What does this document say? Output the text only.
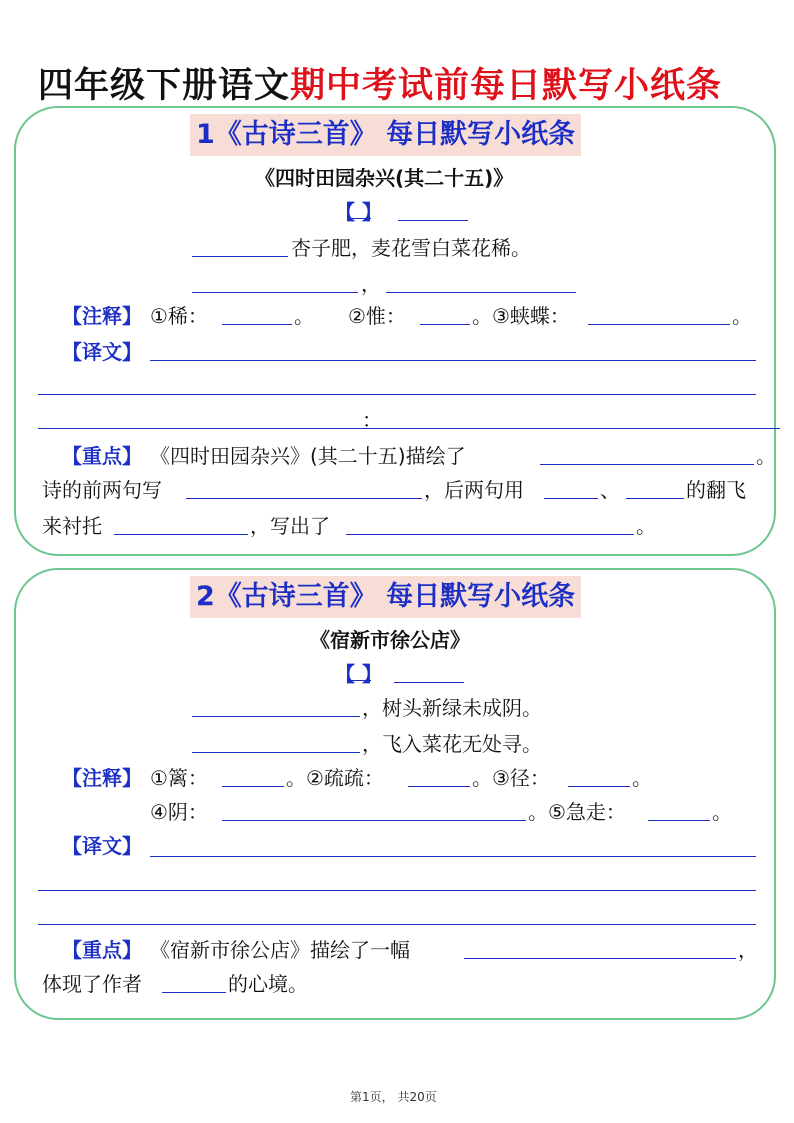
四年级下册语文期中考试前每日默写小纸条
1《古诗三首》 每日默写小纸条
《四时田园杂兴(其二十五)》
【 】
杏子肥，麦花雪白菜花稀。
，
【注释】 ①稀：	。 ②惟：	。③蛱蝶：	。
【译文】
：
【重点】 《四时田园杂兴》(其二十五)描绘了	。
诗的前两句写	，后两句用	、	的翻飞
来衬托	，写出了	。
2《古诗三首》 每日默写小纸条
《宿新市徐公店》
【 】
，树头新绿未成阴。
，飞入菜花无处寻。
【注释】 ①篱：	。②疏疏：	。③径：	。
④阴：	。⑤急走：	。
【译文】
【重点】 《宿新市徐公店》描绘了一幅	，
体现了作者	的心境。
第1页， 共20页
